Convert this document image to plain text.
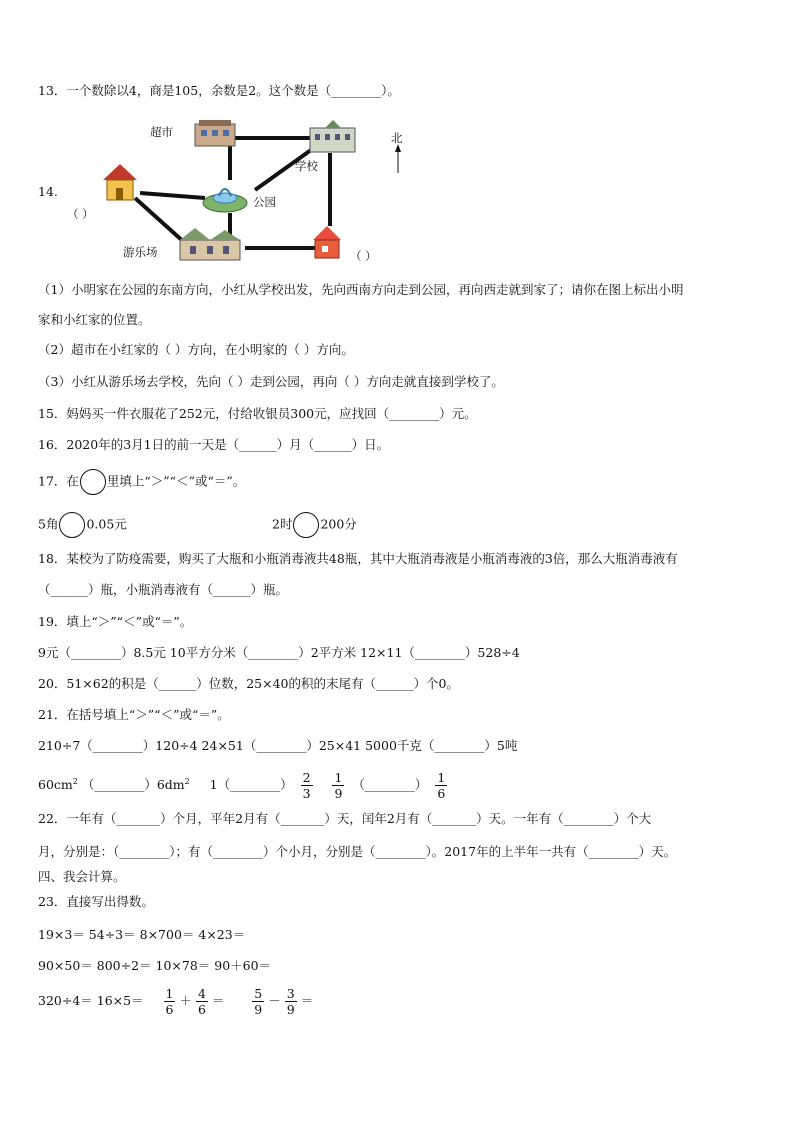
13．一个数除以4，商是105，余数是2。这个数是（________）。
14.
超市
学校
公园
游乐场
北
（ ）
（ ）
（1）小明家在公园的东南方向，小红从学校出发，先向西南方向走到公园，再向西走就到家了；请你在图上标出小明
家和小红家的位置。
（2）超市在小红家的（ ）方向，在小明家的（ ）方向。
（3）小红从游乐场去学校，先向（ ）走到公园，再向（ ）方向走就直接到学校了。
15．妈妈买一件衣服花了252元，付给收银员300元，应找回（________）元。
16．2020年的3月1日的前一天是（______）月（______）日。
17．在 里填上“＞”“＜”或“＝”。
5角 0.05元	2时 200分
18．某校为了防疫需要，购买了大瓶和小瓶消毒液共48瓶，其中大瓶消毒液是小瓶消毒液的3倍，那么大瓶消毒液有
（______）瓶，小瓶消毒液有（______）瓶。
19．填上“＞”“＜”或“＝”。
9元（________）8.5元 10平方分米（________）2平方米 12×11（________）528÷4
20．51×62的积是（______）位数，25×40的积的末尾有（______）个0。
21．在括号填上“＞”“＜”或“＝”。
210÷7（________）120÷4 24×51（________）25×41 5000千克（________）5吨
$60cm^2$ $(\_\_\_\_\_\_\_\_)6dm^2$ 1（________） $\frac{2}{3}$
$\frac{1}{9}$ （________） $\frac{1}{6}$
22．一年有（_______）个月，平年2月有（_______）天，闰年2月有（_______）天。一年有（________）个大
月，分别是：（________）；有（________）个小月，分别是（________）。2017年的上半年一共有（________）天。
四、我会计算。
23．直接写出得数。
19×3＝ 54÷3＝ 8×700＝ 4×23＝
90×50＝ 800÷2＝ 10×78＝ 90＋60＝
$320\div 4= 16\times 5= \frac{1}{6} + \frac{4}{6} = \frac{5}{9} - \frac{3}{9}$ ＝
